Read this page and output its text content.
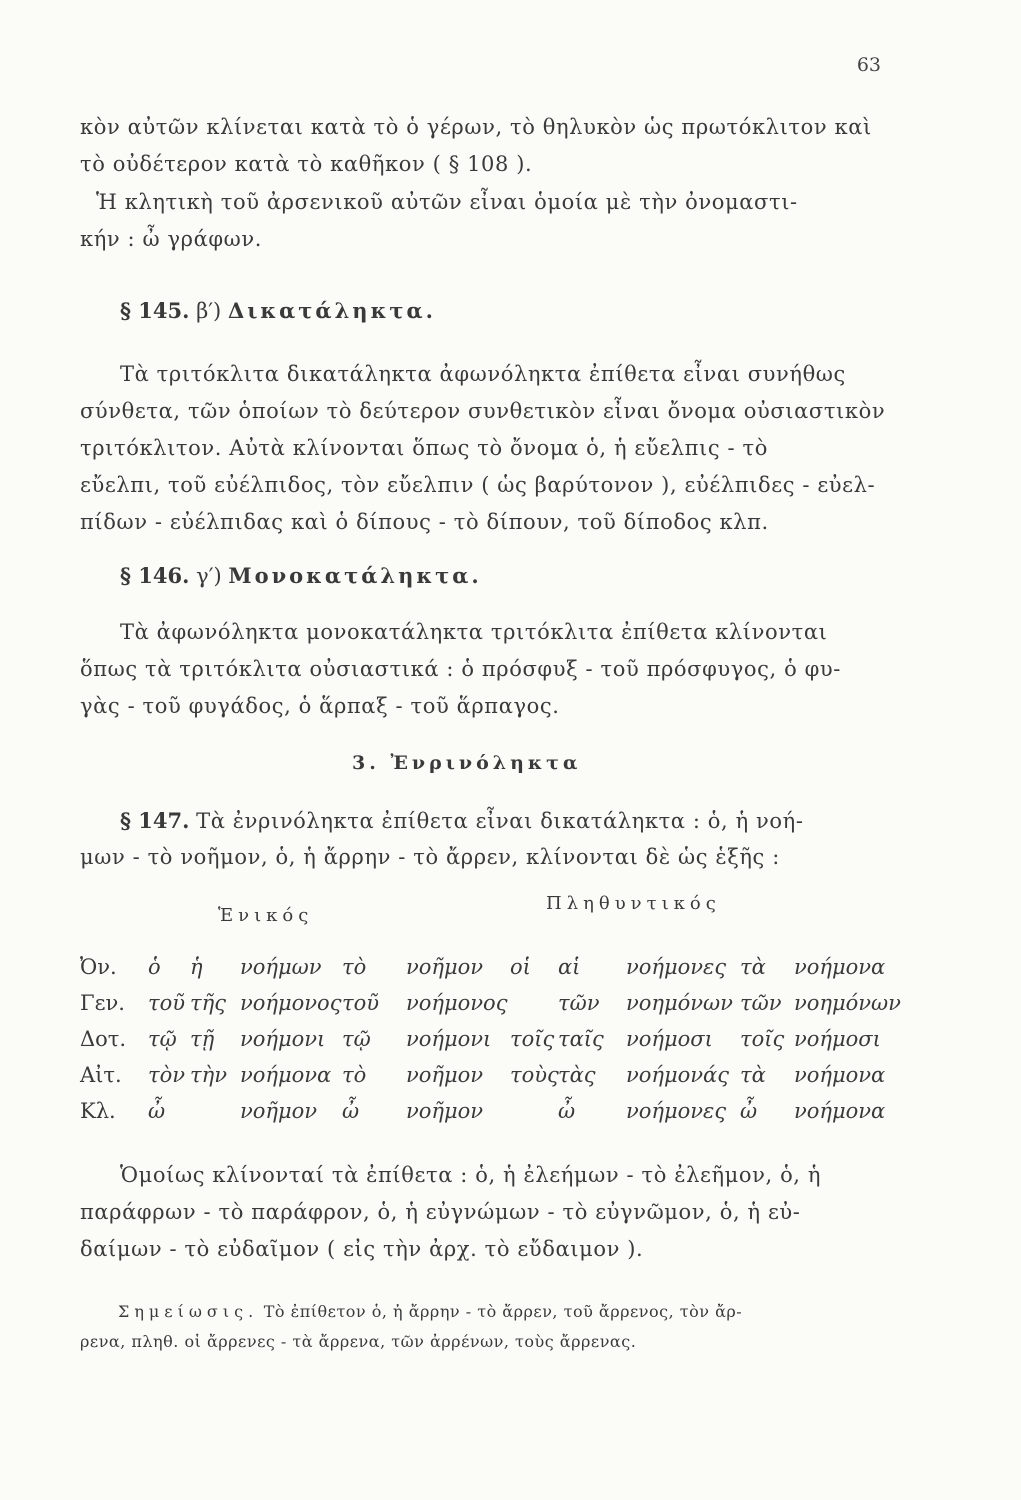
63
κὸν αὐτῶν κλίνεται κατὰ τὸ ὁ γέρων, τὸ θηλυκὸν ὡς πρωτόκλιτον καὶ
τὸ οὐδέτερον κατὰ τὸ καθῆκον ( § 108 ).
Ἡ κλητικὴ τοῦ ἀρσενικοῦ αὐτῶν εἶναι ὁμοία μὲ τὴν ὀνομαστι-
κήν : ὦ γράφων.
§ 145. β′) Δικατάληκτα.
Τὰ τριτόκλιτα δικατάληκτα ἀφωνόληκτα ἐπίθετα εἶναι συνήθως
σύνθετα, τῶν ὁποίων τὸ δεύτερον συνθετικὸν εἶναι ὄνομα οὐσιαστικὸν
τριτόκλιτον. Αὐτὰ κλίνονται ὅπως τὸ ὄνομα ὁ, ἡ εὔελπις - τὸ
εὔελπι, τοῦ εὐέλπιδος, τὸν εὔελπιν ( ὡς βαρύτονον ), εὐέλπιδες - εὐελ-
πίδων - εὐέλπιδας καὶ ὁ δίπους - τὸ δίπουν, τοῦ δίποδος κλπ.
§ 146. γ′) Μονοκατάληκτα.
Τὰ ἀφωνόληκτα μονοκατάληκτα τριτόκλιτα ἐπίθετα κλίνονται
ὅπως τὰ τριτόκλιτα οὐσιαστικά : ὁ πρόσφυξ - τοῦ πρόσφυγος, ὁ φυ-
γὰς - τοῦ φυγάδος, ὁ ἅρπαξ - τοῦ ἅρπαγος.
3. Ἐνρινόληκτα
§ 147. Τὰ ἐνρινόληκτα ἐπίθετα εἶναι δικατάληκτα : ὁ, ἡ νοή-
μων - τὸ νοῆμον, ὁ, ἡ ἄρρην - τὸ ἄρρεν, κλίνονται δὲ ὡς ἑξῆς :
Ἑνικός
Πληθυντικός
Ὀν. ὁ ἡ νοήμων τὸ νοῆμον οἱ αἱ νοήμονες τὰ νοήμονα
Γεν. τοῦ τῆς νοήμονος τοῦ νοήμονος τῶν νοημόνων τῶν νοημόνων
Δοτ. τῷ τῇ νοήμονι τῷ νοήμονι τοῖς ταῖς νοήμοσι τοῖς νοήμοσι
Αἰτ. τὸν τὴν νοήμονα τὸ νοῆμον τοὺς τὰς νοήμονάς τὰ νοήμονα
Κλ. ὦ	νοῆμον ὦ νοῆμον	ὦ νοήμονες ὦ νοήμονα
Ὁμοίως κλίνονταί τὰ ἐπίθετα : ὁ, ἡ ἐλεήμων - τὸ ἐλεῆμον, ὁ, ἡ
παράφρων - τὸ παράφρον, ὁ, ἡ εὐγνώμων - τὸ εὐγνῶμον, ὁ, ἡ εὐ-
δαίμων - τὸ εὐδαῖμον ( εἰς τὴν ἀρχ. τὸ εὔδαιμον ).
Σημείωσις. Τὸ ἐπίθετον ὁ, ἡ ἄρρην - τὸ ἄρρεν, τοῦ ἄρρενος, τὸν ἄρ-
ρενα, πληθ. οἱ ἄρρενες - τὰ ἄρρενα, τῶν ἀρρένων, τοὺς ἄρρενας.
